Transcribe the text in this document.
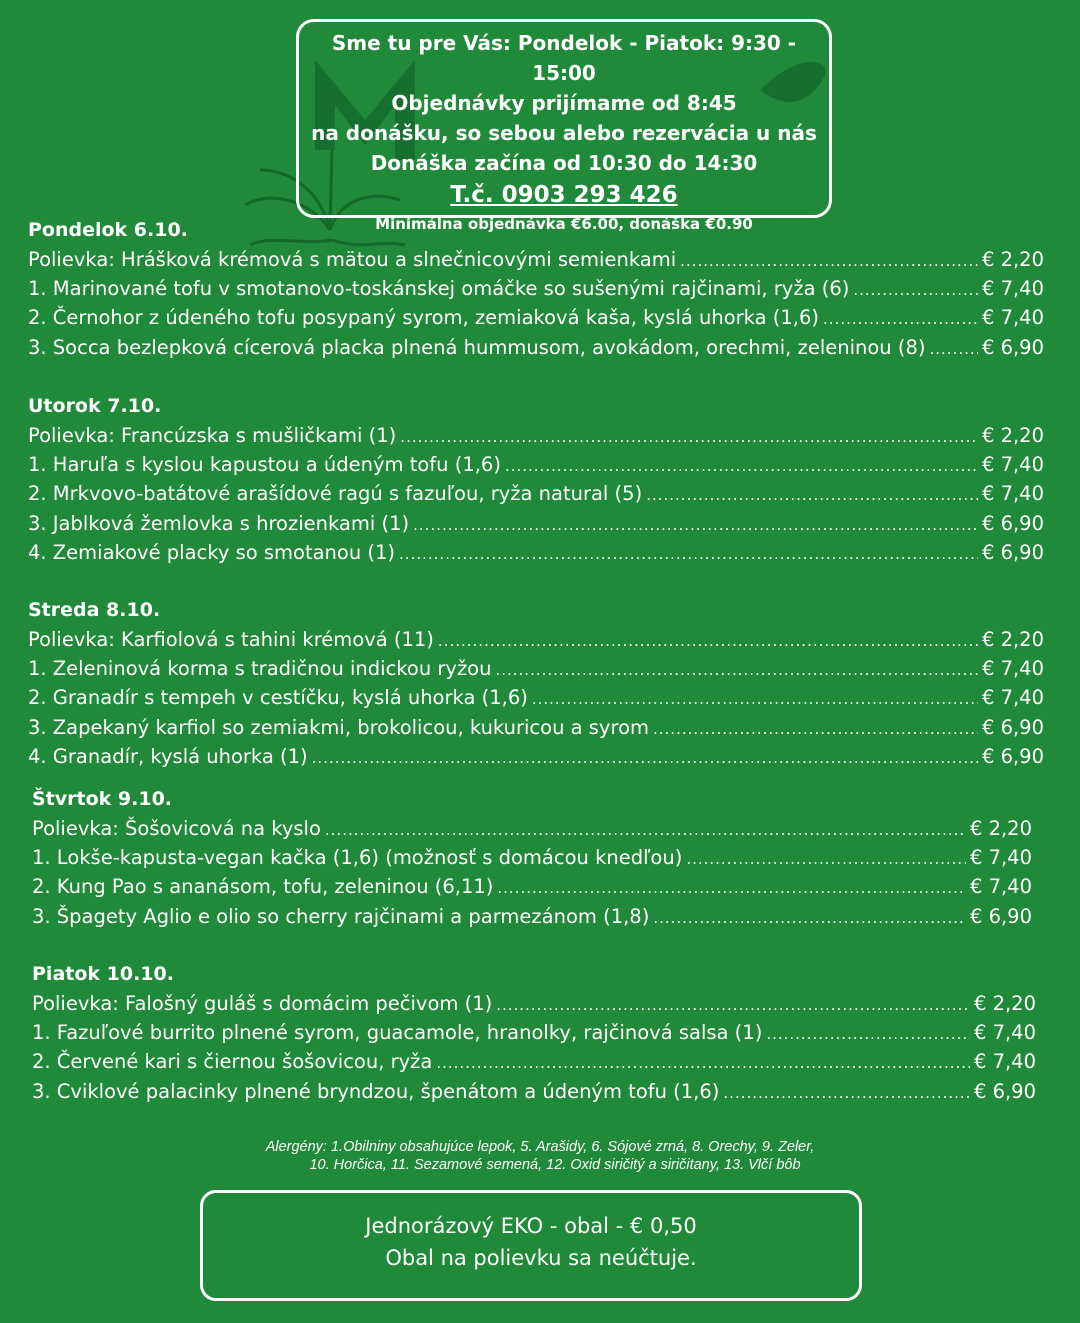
Sme tu pre Vás: Pondelok - Piatok: 9:30 - 15:00
Objednávky prijímame od 8:45
na donášku, so sebou alebo rezervácia u nás
Donáška začína od 10:30 do 14:30
T.č. 0903 293 426
Minimálna objednávka €6.00, donáška €0.90
Pondelok 6.10.
Polievka: Hrášková krémová s mätou a slnečnicovými semienkami .....	€ 2,20
1. Marinované tofu v smotanovo-toskánskej omáčke so sušenými rajčinami, ryža (6) .....	€ 7,40
2. Černohor z údeného tofu posypaný syrom, zemiaková kaša, kyslá uhorka (1,6) .....	€ 7,40
3. Socca bezlepková cícerová placka plnená hummusom, avokádom, orechmi, zeleninou (8) .....	€ 6,90
Utorok 7.10.
Polievka: Francúzska s mušličkami (1) .....	€ 2,20
1. Haruľa s kyslou kapustou a údeným tofu (1,6) .....	€ 7,40
2. Mrkvovo-batátové arašídové ragú s fazuľou, ryža natural (5) .....	€ 7,40
3. Jablková žemlovka s hrozienkami (1) .....	€ 6,90
4. Zemiakové placky so smotanou (1) .....	€ 6,90
Streda 8.10.
Polievka: Karfiolová s tahini krémová (11) .....	€ 2,20
1. Zeleninová korma s tradičnou indickou ryžou .....	€ 7,40
2. Granadír s tempeh v cestíčku, kyslá uhorka (1,6) .....	€ 7,40
3. Zapekaný karfiol so zemiakmi, brokolicou, kukuricou a syrom .....	€ 6,90
4. Granadír, kyslá uhorka (1) .....	€ 6,90
Štvrtok 9.10.
Polievka: Šošovicová na kyslo .....	€ 2,20
1. Lokše-kapusta-vegan kačka (1,6) (možnosť s domácou knedľou) .....	€ 7,40
2. Kung Pao s ananásom, tofu, zeleninou (6,11) .....	€ 7,40
3. Špagety Aglio e olio so cherry rajčinami a parmezánom (1,8) .....	€ 6,90
Piatok 10.10.
Polievka: Falošný guláš s domácim pečivom (1) .....	€ 2,20
1. Fazuľové burrito plnené syrom, guacamole, hranolky, rajčinová salsa (1) .....	€ 7,40
2. Červené kari s čiernou šošovicou, ryža .....	€ 7,40
3. Cviklové palacinky plnené bryndzou, špenátom a údeným tofu (1,6) .....	€ 6,90
Alergény: 1.Obilniny obsahujúce lepok, 5. Arašidy, 6. Sójové zrná, 8. Orechy, 9. Zeler,
10. Horčica, 11. Sezamové semená, 12. Oxid siričitý a siričitany, 13. Vlčí bôb
Jednorázový EKO - obal - € 0,50
Obal na polievku sa neúčtuje.
